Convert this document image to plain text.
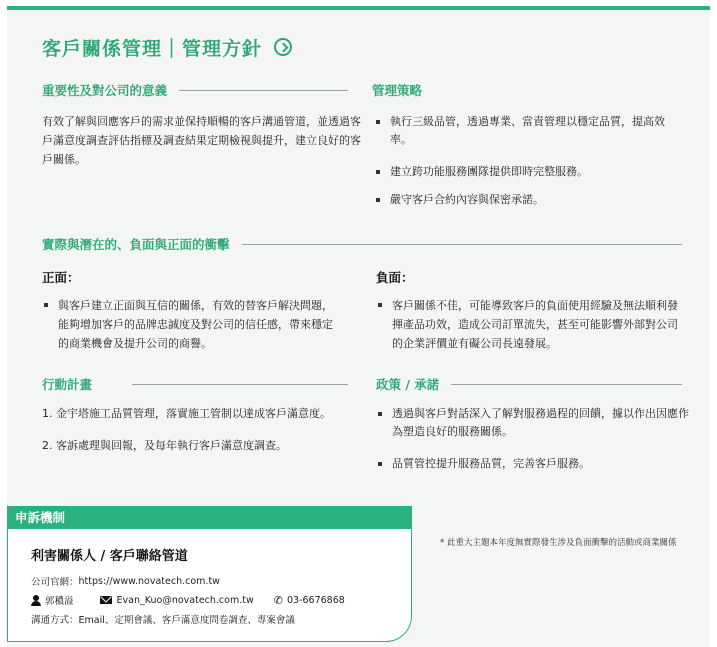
客戶關係管理｜管理方針
重要性及對公司的意義
有效了解與回應客戶的需求並保持順暢的客戶溝通管道，並透過客戶滿意度調查評估指標及調查結果定期檢視與提升，建立良好的客戶關係。
管理策略
執行三級品管，透過專業、當責管理以穩定品質，提高效率。
建立跨功能服務團隊提供即時完整服務。
嚴守客戶合約內容與保密承諾。
實際與潛在的、負面與正面的衝擊
正面：
與客戶建立正面與互信的關係，有效的替客戶解決問題，能夠增加客戶的品牌忠誠度及對公司的信任感，帶來穩定的商業機會及提升公司的商譽。
負面：
客戶關係不佳，可能導致客戶的負面使用經驗及無法順利發揮產品功效，造成公司訂單流失，甚至可能影響外部對公司的企業評價並有礙公司長遠發展。
行動計畫
1. 金宇塔施工品質管理，落實施工管制以達成客戶滿意度。
2. 客訴處理與回報，及每年執行客戶滿意度調查。
政策 / 承諾
透過與客戶對話深入了解對服務過程的回饋，據以作出因應作為塑造良好的服務關係。
品質管控提升服務品質，完善客戶服務。
* 此重大主題本年度無實際發生涉及負面衝擊的活動或商業關係
申訴機制
利害關係人 / 客戶聯絡管道
公司官網： https://www.novatech.com.tw
郭穠溢	Evan_Kuo@novatech.com.tw ✆ 03-6676868
溝通方式： Email、定期會議、客戶滿意度問卷調查、專案會議
